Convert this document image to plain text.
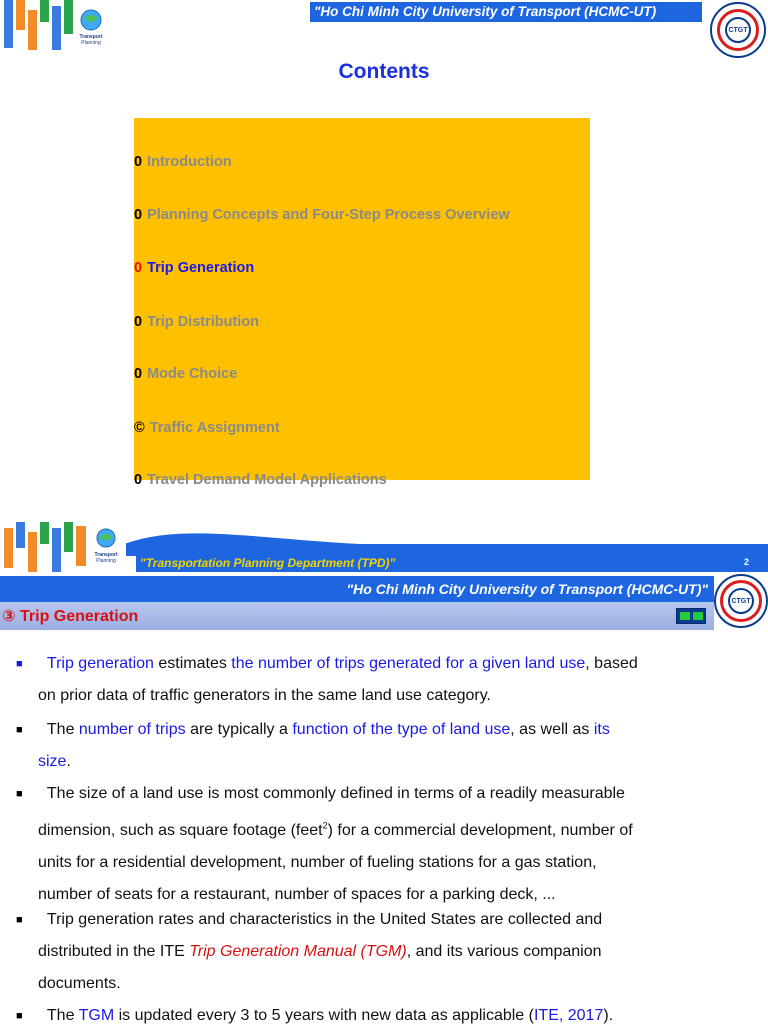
Transport
Planning
"Ho Chi Minh City University of Transport (HCMC-UT)
CTGT
Contents
0 Introduction
0 Planning Concepts and Four-Step Process Overview
0 Trip Generation
0 Trip Distribution
0 Mode Choice
© Traffic Assignment
0 Travel Demand Model Applications
"Transportation Planning Department (TPD)"	2
Transport
Planning
"Ho Chi Minh City University of Transport (HCMC-UT)"
③ Trip Generation
CTGT
■ Trip generation estimates the number of trips generated for a given land use, based
on prior data of traffic generators in the same land use category.
■ The number of trips are typically a function of the type of land use, as well as its
size.
■ The size of a land use is most commonly defined in terms of a readily measurable
dimension, such as square footage (feet$^2$) for a commercial development, number of
units for a residential development, number of fueling stations for a gas station,
number of seats for a restaurant, number of spaces for a parking deck, ...
■ Trip generation rates and characteristics in the United States are collected and
distributed in the ITE Trip Generation Manual (TGM), and its various companion
documents.
■ The TGM is updated every 3 to 5 years with new data as applicable (ITE, 2017).
